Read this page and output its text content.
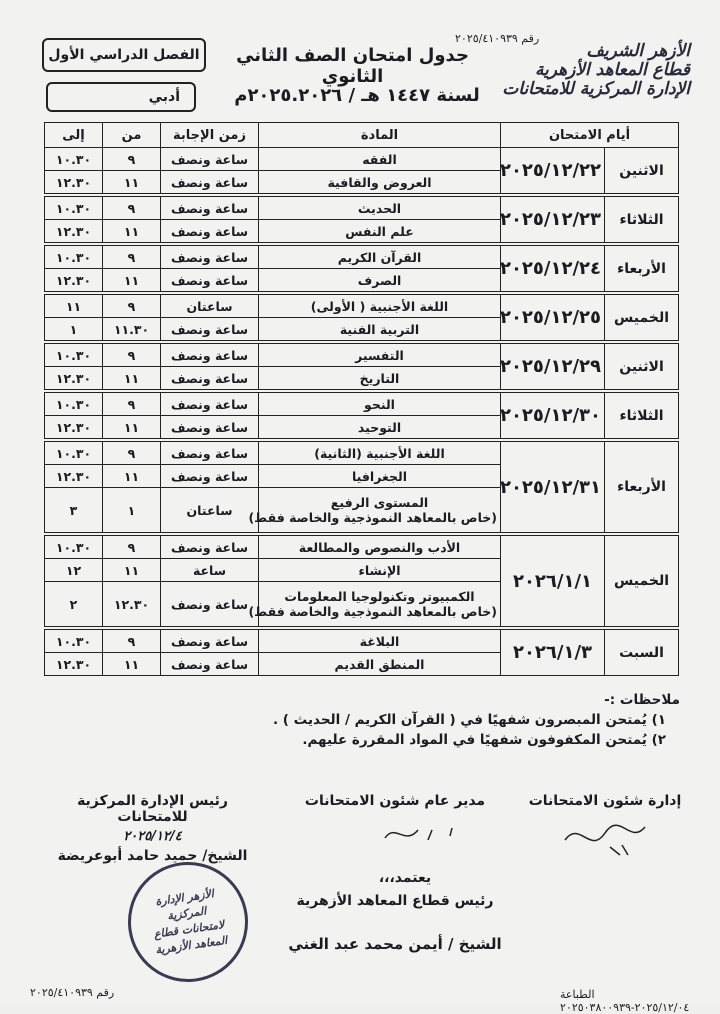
الفصل الدراسي الأول
أدبي
جدول امتحان الصف الثاني الثانوي
لسنة ١٤٤٧ هـ / ٢٠٢٥.٢٠٢٦م
رقم ٢٠٢٥/٤١٠٩٣٩
الأزهر الشريف
قطاع المعاهد الأزهرية
الإدارة المركزية للامتحانات
أيام الامتحان		المادة	زمن الإجابة	من	إلى
الاثنين	٢٠٢٥/١٢/٢٢	الفقه	ساعة ونصف	٩	١٠.٣٠
		العروض والقافية	ساعة ونصف	١١	١٢.٣٠

الثلاثاء	٢٠٢٥/١٢/٢٣	الحديث	ساعة ونصف	٩	١٠.٣٠
		علم النفس	ساعة ونصف	١١	١٢.٣٠

الأربعاء	٢٠٢٥/١٢/٢٤	القرآن الكريم	ساعة ونصف	٩	١٠.٣٠
		الصرف	ساعة ونصف	١١	١٢.٣٠

الخميس	٢٠٢٥/١٢/٢٥	اللغة الأجنبية ( الأولى)	ساعتان	٩	١١
		التربية الفنية	ساعة ونصف	١١.٣٠	١

الاثنين	٢٠٢٥/١٢/٢٩	التفسير	ساعة ونصف	٩	١٠.٣٠
		التاريخ	ساعة ونصف	١١	١٢.٣٠

الثلاثاء	٢٠٢٥/١٢/٣٠	النحو	ساعة ونصف	٩	١٠.٣٠
		التوحيد	ساعة ونصف	١١	١٢.٣٠

الأربعاء	٢٠٢٥/١٢/٣١	اللغة الأجنبية (الثانية)	ساعة ونصف	٩	١٠.٣٠
		الجغرافيا	ساعة ونصف	١١	١٢.٣٠

		المستوى الرفيع
(خاص بالمعاهد النموذجية والخاصة فقط)	ساعتان	١	٣

الخميس	٢٠٢٦/١/١	الأدب والنصوص والمطالعة	ساعة ونصف	٩	١٠.٣٠
		الإنشاء	ساعة	١١	١٢

		الكمبيوتر وتكنولوجيا المعلومات
(خاص بالمعاهد النموذجية والخاصة فقط)	ساعة ونصف	١٢.٣٠	٢

السبت	٢٠٢٦/١/٣	البلاغة	ساعة ونصف	٩	١٠.٣٠
		المنطق القديم	ساعة ونصف	١١	١٢.٣٠
ملاحظات :-
١) يُمتحن المبصرون شفهيًا في ( القرآن الكريم / الحديث ) .
٢) يُمتحن المكفوفون شفهيًا في المواد المقررة عليهم.
إدارة شئون الامتحانات
مدير عام شئون الامتحانات
رئيس الإدارة المركزية للامتحانات
٢٠٢٥/١٢/٤
الشيخ/ حميد حامد أبوعريضة
يعتمد،،،
رئيس قطاع المعاهد الأزهرية
الشيخ / أيمن محمد عبد الغني
الأزهر الإدارة المركزية لامتحانات قطاع المعاهد الأزهرية
رقم ٢٠٢٥/٤١٠٩٣٩	الطباعة ٢٠٢٥/١٢/٠٤-٢٠٢٥٠٣٨٠٠٩٣٩
